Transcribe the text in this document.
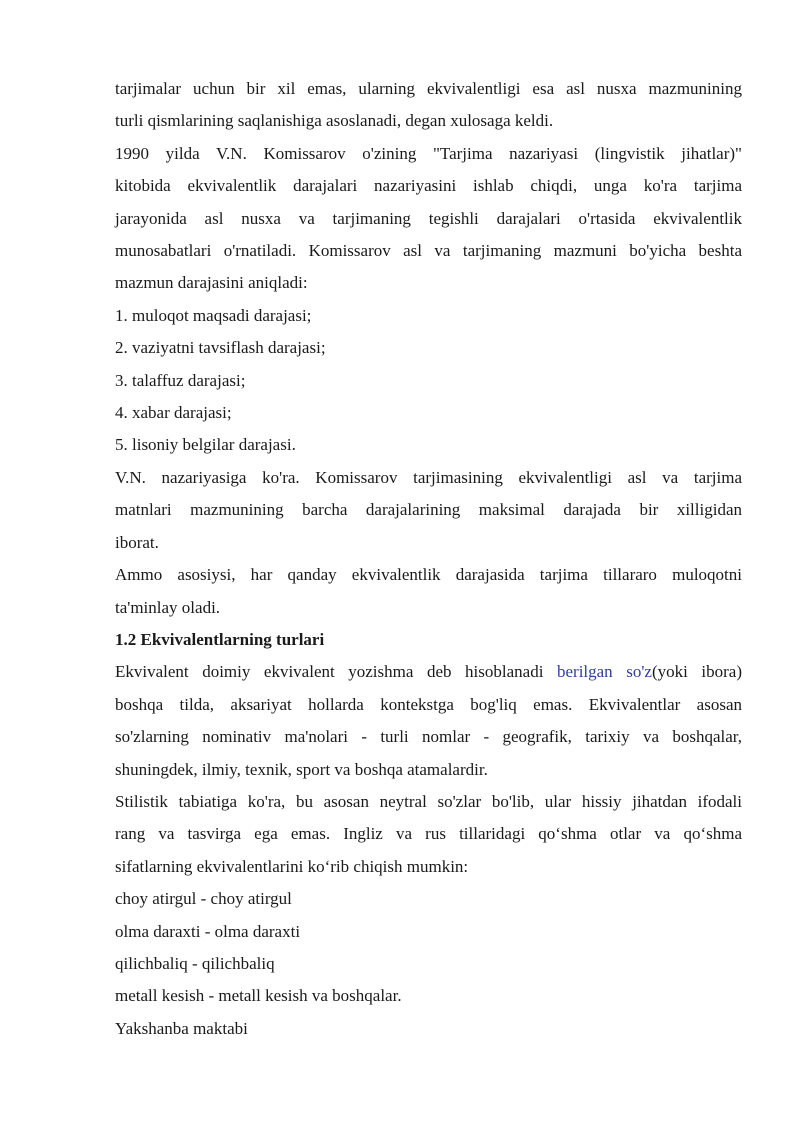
tarjimalar uchun bir xil emas, ularning ekvivalentligi esa asl nusxa mazmunining
turli qismlarining saqlanishiga asoslanadi, degan xulosaga keldi.

1990 yilda V.N. Komissarov o'zining "Tarjima nazariyasi (lingvistik jihatlar)"
kitobida ekvivalentlik darajalari nazariyasini ishlab chiqdi, unga ko'ra tarjima
jarayonida asl nusxa va tarjimaning tegishli darajalari o'rtasida ekvivalentlik
munosabatlari o'rnatiladi. Komissarov asl va tarjimaning mazmuni bo'yicha beshta
mazmun darajasini aniqladi:

1. muloqot maqsadi darajasi;
2. vaziyatni tavsiflash darajasi;
3. talaffuz darajasi;
4. xabar darajasi;
5. lisoniy belgilar darajasi.

V.N. nazariyasiga ko'ra. Komissarov tarjimasining ekvivalentligi asl va tarjima
matnlari mazmunining barcha darajalarining maksimal darajada bir xilligidan
iborat.

Ammo asosiysi, har qanday ekvivalentlik darajasida tarjima tillararo muloqotni
ta'minlay oladi.

1.2 Ekvivalentlarning turlari

Ekvivalent doimiy ekvivalent yozishma deb hisoblanadi berilgan so'z(yoki ibora)
boshqa tilda, aksariyat hollarda kontekstga bog'liq emas. Ekvivalentlar asosan
so'zlarning nominativ ma'nolari - turli nomlar - geografik, tarixiy va boshqalar,
shuningdek, ilmiy, texnik, sport va boshqa atamalardir.

Stilistik tabiatiga ko'ra, bu asosan neytral so'zlar bo'lib, ular hissiy jihatdan ifodali
rang va tasvirga ega emas. Ingliz va rus tillaridagi qo‘shma otlar va qo‘shma
sifatlarning ekvivalentlarini ko‘rib chiqish mumkin:

choy atirgul - choy atirgul
olma daraxti - olma daraxti
qilichbaliq - qilichbaliq
metall kesish - metall kesish va boshqalar.
Yakshanba maktabi
